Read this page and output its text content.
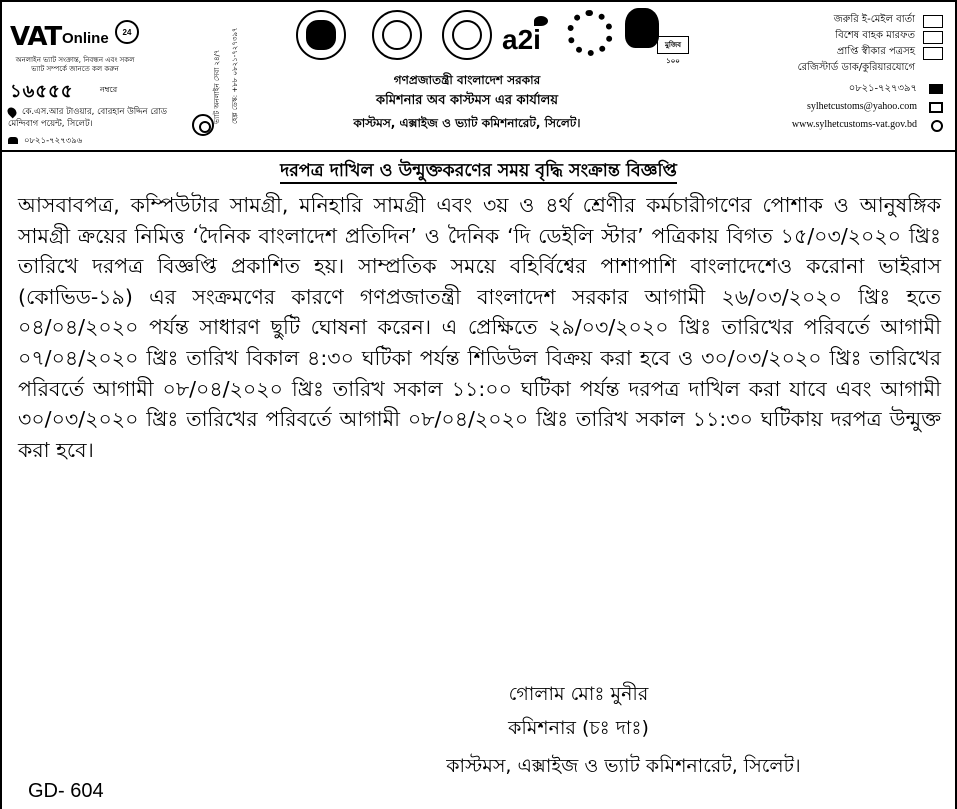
VAT Online	24
অনলাইন ভ্যাট সংক্রান্ত, নিবন্ধন এবং সকল ভ্যাট সম্পর্কে জানতে কল করুন
১৬৫৫৫	নম্বরে
কে.এস.আর টাওয়ার, বোরহান উদ্দিন রোড মেন্দিবাগ পয়েন্ট, সিলেট।
০৮২১-৭২৭৩৯৬
ভ্যাট অনলাইন সেবা ২৪/৭	হেল্প ডেস্ক: +৮৮ ০৮২১-৭২৭৩৯৭	a2i	মুজিব ১০০
গণপ্রজাতন্ত্রী বাংলাদেশ সরকার
কমিশনার অব কাস্টমস এর কার্যালয়
কাস্টমস, এক্সাইজ ও ভ্যাট কমিশনারেট, সিলেট।
জরুরি ই-মেইল বার্তা
বিশেষ বাহক মারফত
প্রাপ্তি স্বীকার পত্রসহ
রেজিস্টার্ড ডাক/কুরিয়ারযোগে
০৮২১-৭২৭৩৯৭
sylhetcustoms@yahoo.com
www.sylhetcustoms-vat.gov.bd
দরপত্র দাখিল ও উন্মুক্তকরণের সময় বৃদ্ধি সংক্রান্ত বিজ্ঞপ্তি
আসবাবপত্র, কম্পিউটার সামগ্রী, মনিহারি সামগ্রী এবং ৩য় ও ৪র্থ শ্রেণীর কর্মচারীগণের পোশাক ও আনুষঙ্গিক সামগ্রী ক্রয়ের নিমিত্ত ‘দৈনিক বাংলাদেশ প্রতিদিন’ ও দৈনিক ‘দি ডেইলি স্টার’ পত্রিকায় বিগত ১৫/০৩/২০২০ খ্রিঃ তারিখে দরপত্র বিজ্ঞপ্তি প্রকাশিত হয়। সাম্প্রতিক সময়ে বহির্বিশ্বের পাশাপাশি বাংলাদেশেও করোনা ভাইরাস (কোভিড-১৯) এর সংক্রমণের কারণে গণপ্রজাতন্ত্রী বাংলাদেশ সরকার আগামী ২৬/০৩/২০২০ খ্রিঃ হতে ০৪/০৪/২০২০ পর্যন্ত সাধারণ ছুটি ঘোষনা করেন। এ প্রেক্ষিতে ২৯/০৩/২০২০ খ্রিঃ তারিখের পরিবর্তে আগামী ০৭/০৪/২০২০ খ্রিঃ তারিখ বিকাল ৪:৩০ ঘটিকা পর্যন্ত শিডিউল বিক্রয় করা হবে ও ৩০/০৩/২০২০ খ্রিঃ তারিখের পরিবর্তে আগামী ০৮/০৪/২০২০ খ্রিঃ তারিখ সকাল ১১:০০ ঘটিকা পর্যন্ত দরপত্র দাখিল করা যাবে এবং আগামী ৩০/০৩/২০২০ খ্রিঃ তারিখের পরিবর্তে আগামী ০৮/০৪/২০২০ খ্রিঃ তারিখ সকাল ১১:৩০ ঘটিকায় দরপত্র উন্মুক্ত করা হবে।
গোলাম মোঃ মুনীর
কমিশনার (চঃ দাঃ)
কাস্টমস, এক্সাইজ ও ভ্যাট কমিশনারেট, সিলেট।
GD- 604
